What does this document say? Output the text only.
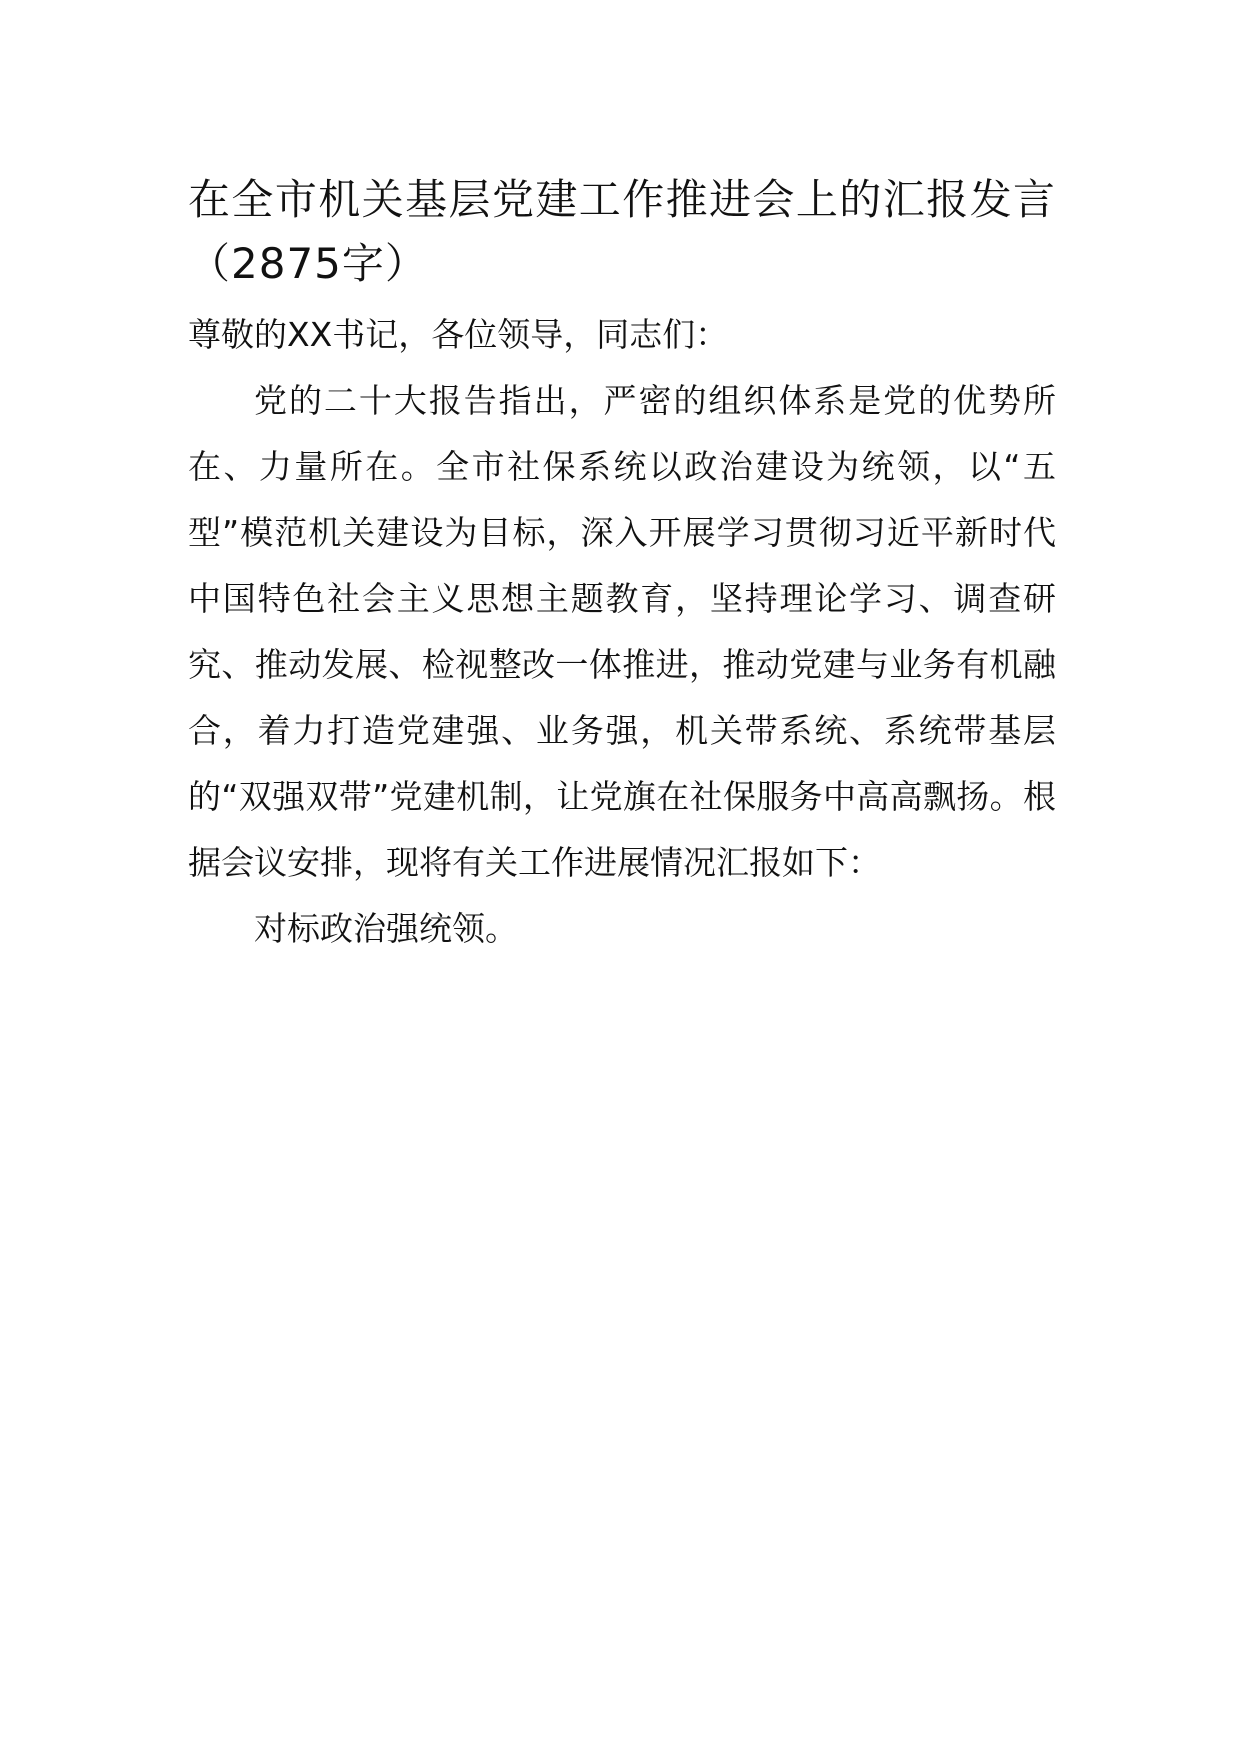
在全市机关基层党建工作推进会上的汇报发言（2875字）

尊敬的XX书记，各位领导，同志们：

党的二十大报告指出，严密的组织体系是党的优势所在、力量所在。全市社保系统以政治建设为统领，以“五型”模范机关建设为目标，深入开展学习贯彻习近平新时代中国特色社会主义思想主题教育，坚持理论学习、调查研究、推动发展、检视整改一体推进，推动党建与业务有机融合，着力打造党建强、业务强，机关带系统、系统带基层的“双强双带”党建机制，让党旗在社保服务中高高飘扬。根据会议安排，现将有关工作进展情况汇报如下：

对标政治强统领。
